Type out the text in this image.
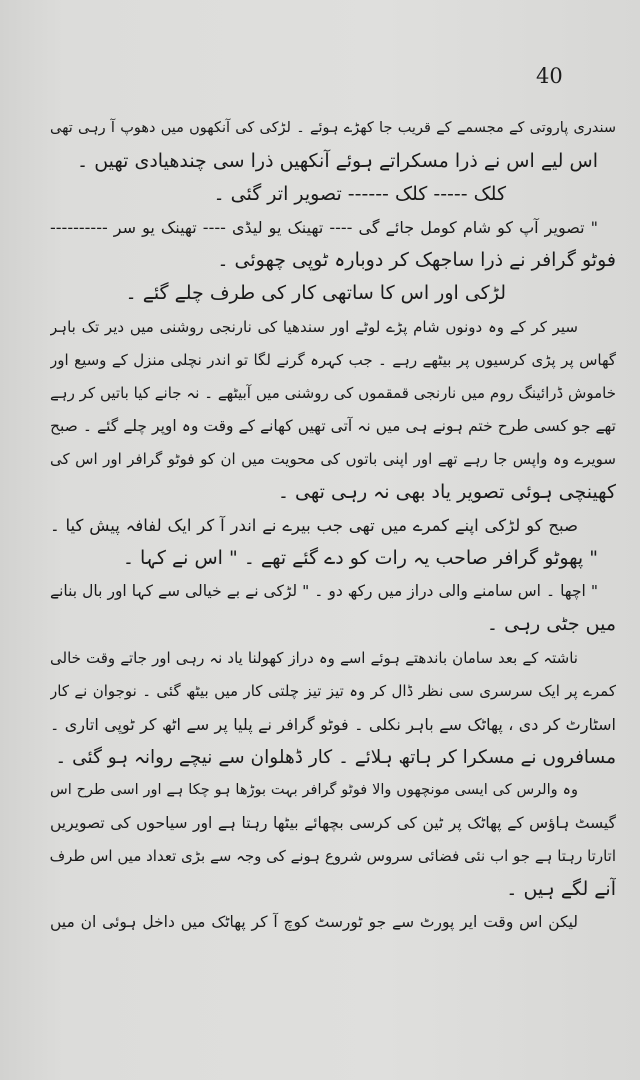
40
سندری پاروتی کے مجسمے کے قریب جا کھڑے ہوئے ۔ لڑکی کی آنکھوں میں دھوپ آ رہی تھی
اس لیے اس نے ذرا مسکراتے ہوئے آنکھیں ذرا سی چندھیادی تھیں ۔
کلک ----- کلک ------ تصویر اتر گئی ۔
" تصویر آپ کو شام کومل جائے گی ---- تھینک یو لیڈی ---- تھینک یو سر ----------
فوٹو گرافر نے ذرا ساجھک کر دوبارہ ٹوپی چھوئی ۔
لڑکی اور اس کا ساتھی کار کی طرف چلے گئے ۔
سیر کر کے وہ دونوں شام پڑے لوٹے اور سندھیا کی نارنجی روشنی میں دیر تک باہر
گھاس پر پڑی کرسیوں پر بیٹھے رہے ۔ جب کہرہ گرنے لگا تو اندر نچلی منزل کے وسیع اور
خاموش ڈرائینگ روم میں نارنجی قمقموں کی روشنی میں آبیٹھے ۔ نہ جانے کیا باتیں کر رہے
تھے جو کسی طرح ختم ہونے ہی میں نہ آتی تھیں کھانے کے وقت وہ اوپر چلے گئے ۔ صبح
سویرے وہ واپس جا رہے تھے اور اپنی باتوں کی محویت میں ان کو فوٹو گرافر اور اس کی
کھینچی ہوئی تصویر یاد بھی نہ رہی تھی ۔
صبح کو لڑکی اپنے کمرے میں تھی جب بیرے نے اندر آ کر ایک لفافہ پیش کیا ۔
" پھوٹو گرافر صاحب یہ رات کو دے گئے تھے ۔ " اس نے کہا ۔
" اچھا ۔ اس سامنے والی دراز میں رکھ دو ۔ " لڑکی نے بے خیالی سے کہا اور بال بنانے
میں جٹی رہی ۔
ناشتہ کے بعد سامان باندھتے ہوئے اسے وہ دراز کھولنا یاد نہ رہی اور جاتے وقت خالی
کمرے پر ایک سرسری سی نظر ڈال کر وہ تیز تیز چلتی کار میں بیٹھ گئی ۔ نوجوان نے کار
اسٹارٹ کر دی ، پھاٹک سے باہر نکلی ۔ فوٹو گرافر نے پلیا پر سے اٹھ کر ٹوپی اتاری ۔
مسافروں نے مسکرا کر ہاتھ ہلائے ۔ کار ڈھلوان سے نیچے روانہ ہو گئی ۔
وہ والرس کی ایسی مونچھوں والا فوٹو گرافر بہت بوڑھا ہو چکا ہے اور اسی طرح اس
گیسٹ ہاؤس کے پھاٹک پر ٹین کی کرسی بچھائے بیٹھا رہتا ہے اور سیاحوں کی تصویریں
اتارتا رہتا ہے جو اب نئی فضائی سروس شروع ہونے کی وجہ سے بڑی تعداد میں اس طرف
آنے لگے ہیں ۔
لیکن اس وقت ایر پورٹ سے جو ٹورسٹ کوچ آ کر پھاٹک میں داخل ہوئی ان میں
